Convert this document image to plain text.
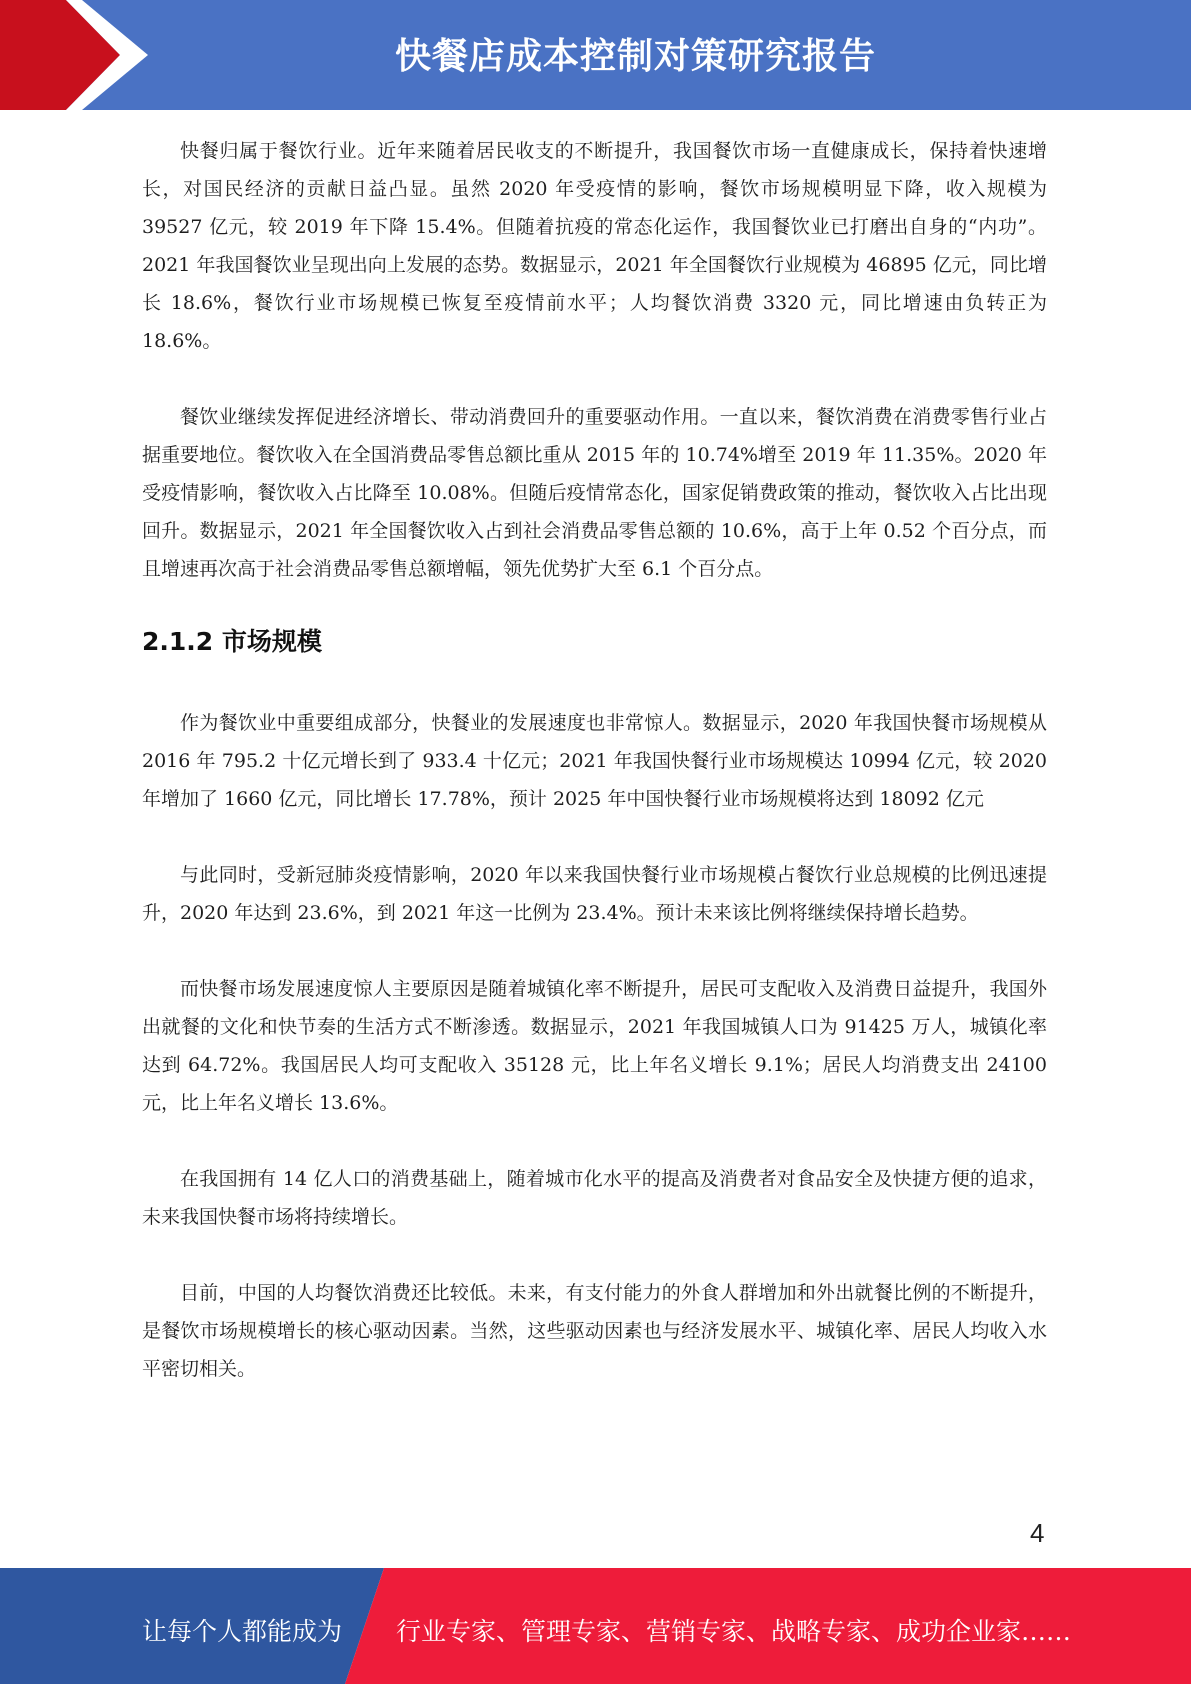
快餐店成本控制对策研究报告

快餐归属于餐饮行业。近年来随着居民收支的不断提升，我国餐饮市场一直健康成长，保持着快速增长，对国民经济的贡献日益凸显。虽然 2020 年受疫情的影响，餐饮市场规模明显下降，收入规模为 39527 亿元，较 2019 年下降 15.4%。但随着抗疫的常态化运作，我国餐饮业已打磨出自身的“内功”。2021 年我国餐饮业呈现出向上发展的态势。数据显示，2021 年全国餐饮行业规模为 46895 亿元，同比增长 18.6%，餐饮行业市场规模已恢复至疫情前水平；人均餐饮消费 3320 元，同比增速由负转正为 18.6%。

餐饮业继续发挥促进经济增长、带动消费回升的重要驱动作用。一直以来，餐饮消费在消费零售行业占据重要地位。餐饮收入在全国消费品零售总额比重从 2015 年的 10.74%增至 2019 年 11.35%。2020 年受疫情影响，餐饮收入占比降至 10.08%。但随后疫情常态化，国家促销费政策的推动，餐饮收入占比出现回升。数据显示，2021 年全国餐饮收入占到社会消费品零售总额的 10.6%，高于上年 0.52 个百分点，而且增速再次高于社会消费品零售总额增幅，领先优势扩大至 6.1 个百分点。

2.1.2 市场规模

作为餐饮业中重要组成部分，快餐业的发展速度也非常惊人。数据显示，2020 年我国快餐市场规模从 2016 年 795.2 十亿元增长到了 933.4 十亿元；2021 年我国快餐行业市场规模达 10994 亿元，较 2020 年增加了 1660 亿元，同比增长 17.78%，预计 2025 年中国快餐行业市场规模将达到 18092 亿元

与此同时，受新冠肺炎疫情影响，2020 年以来我国快餐行业市场规模占餐饮行业总规模的比例迅速提升，2020 年达到 23.6%，到 2021 年这一比例为 23.4%。预计未来该比例将继续保持增长趋势。

而快餐市场发展速度惊人主要原因是随着城镇化率不断提升，居民可支配收入及消费日益提升，我国外出就餐的文化和快节奏的生活方式不断渗透。数据显示，2021 年我国城镇人口为 91425 万人，城镇化率达到 64.72%。我国居民人均可支配收入 35128 元，比上年名义增长 9.1%；居民人均消费支出 24100 元，比上年名义增长 13.6%。

在我国拥有 14 亿人口的消费基础上，随着城市化水平的提高及消费者对食品安全及快捷方便的追求，未来我国快餐市场将持续增长。

目前，中国的人均餐饮消费还比较低。未来，有支付能力的外食人群增加和外出就餐比例的不断提升，是餐饮市场规模增长的核心驱动因素。当然，这些驱动因素也与经济发展水平、城镇化率、居民人均收入水平密切相关。

4
让每个人都能成为 行业专家、管理专家、营销专家、战略专家、成功企业家……
